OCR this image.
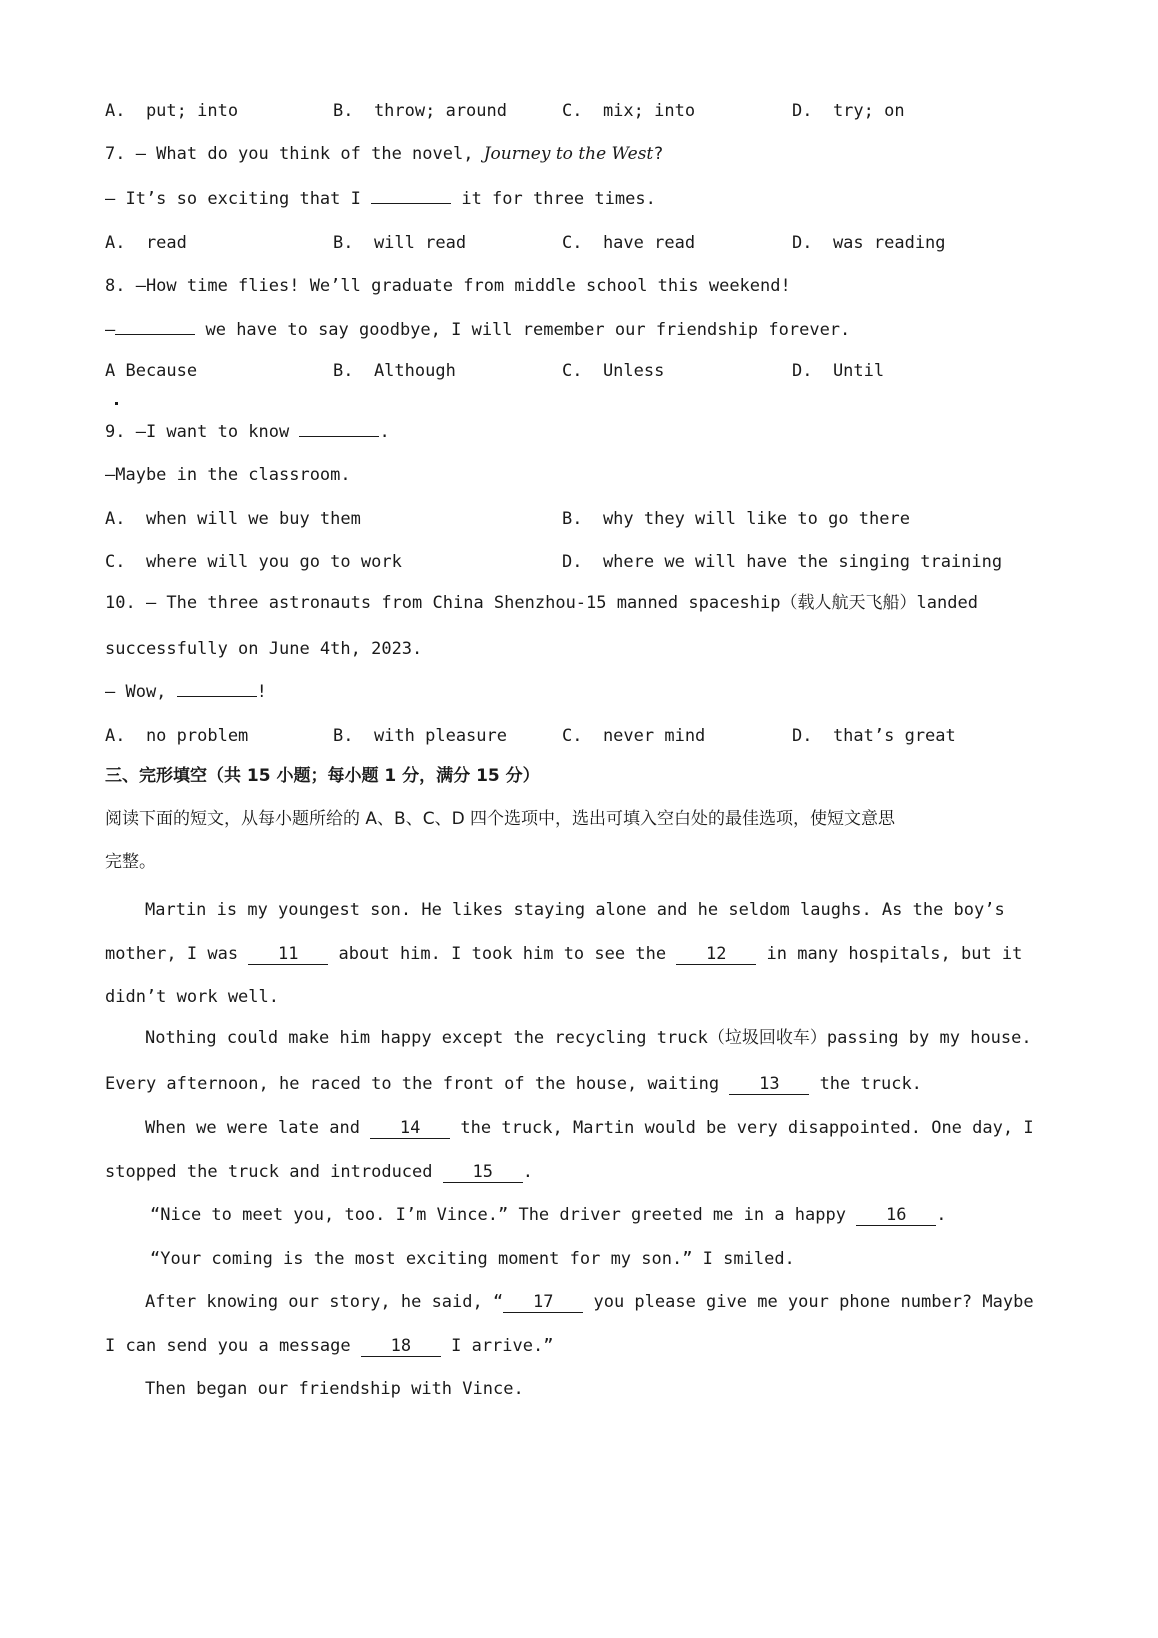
A.  put; into	B.  throw; around	C.  mix; into	D.  try; on
7. — What do you think of the novel, Journey to the West?
— It’s so exciting that I	it for three times.
A.  read	B.  will read	C.  have read	D.  was reading
8. —How time flies! We’ll graduate from middle school this weekend!
—	we have to say goodbye, I will remember our friendship forever.
A Because	B.  Although	C.  Unless	D.  Until
9. —I want to know	.
—Maybe in the classroom.
A.  when will we buy them	B.  why they will like to go there
C.  where will you go to work	D.  where we will have the singing training
10. — The three astronauts from China Shenzhou-15 manned spaceship（载人航天飞船）landed
successfully on June 4th, 2023.
— Wow,	!
A.  no problem	B.  with pleasure	C.  never mind	D.  that’s great
三、完形填空（共 15 小题；每小题 1 分，满分 15 分）
阅读下面的短文，从每小题所给的 A、B、C、D 四个选项中，选出可填入空白处的最佳选项，使短文意思
完整。
Martin is my youngest son. He likes staying alone and he seldom laughs. As the boy’s
mother, I was 11 about him. I took him to see the 12 in many hospitals, but it
didn’t work well.
Nothing could make him happy except the recycling truck（垃圾回收车）passing by my house.
Every afternoon, he raced to the front of the house, waiting 13 the truck.
When we were late and 14 the truck, Martin would be very disappointed. One day, I
stopped the truck and introduced 15 .
“Nice to meet you, too. I’m Vince.” The driver greeted me in a happy 16 .
“Your coming is the most exciting moment for my son.” I smiled.
After knowing our story, he said, “ 17 you please give me your phone number? Maybe
I can send you a message 18 I arrive.”
Then began our friendship with Vince.
